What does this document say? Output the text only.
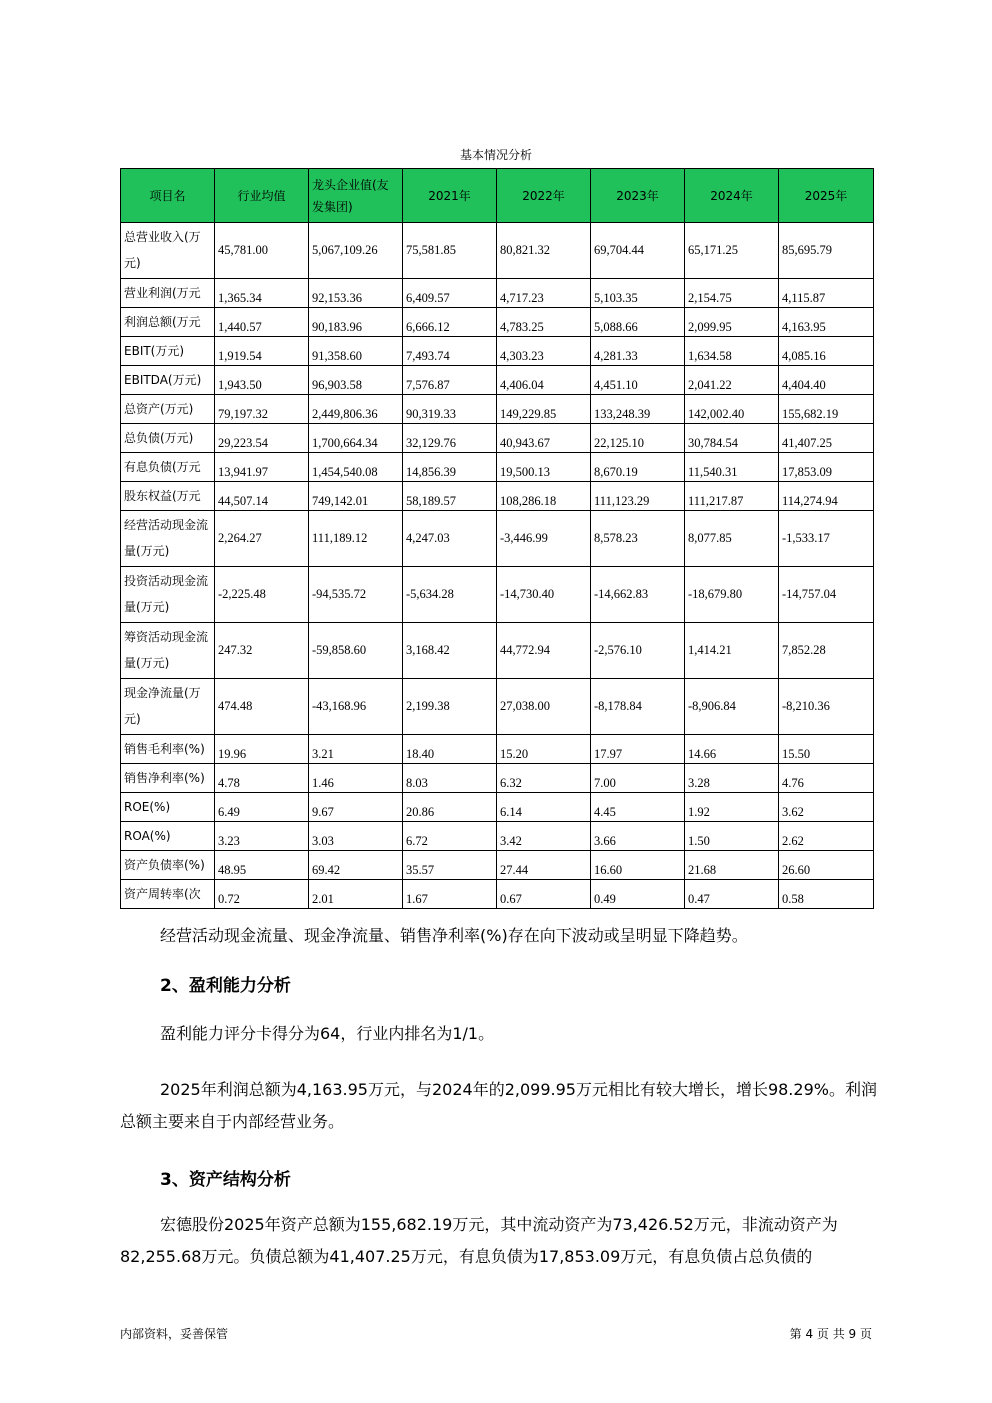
基本情况分析
项目名	行业均值	龙头企业值(友发集团)	2021年	2022年	2023年	2024年	2025年
总营业收入(万元)	45,781.00	5,067,109.26	75,581.85	80,821.32	69,704.44	65,171.25	85,695.79
营业利润(万元	1,365.34	92,153.36	6,409.57	4,717.23	5,103.35	2,154.75	4,115.87
利润总额(万元	1,440.57	90,183.96	6,666.12	4,783.25	5,088.66	2,099.95	4,163.95
EBIT(万元)	1,919.54	91,358.60	7,493.74	4,303.23	4,281.33	1,634.58	4,085.16
EBITDA(万元)	1,943.50	96,903.58	7,576.87	4,406.04	4,451.10	2,041.22	4,404.40
总资产(万元)	79,197.32	2,449,806.36	90,319.33	149,229.85	133,248.39	142,002.40	155,682.19
总负债(万元)	29,223.54	1,700,664.34	32,129.76	40,943.67	22,125.10	30,784.54	41,407.25
有息负债(万元	13,941.97	1,454,540.08	14,856.39	19,500.13	8,670.19	11,540.31	17,853.09
股东权益(万元	44,507.14	749,142.01	58,189.57	108,286.18	111,123.29	111,217.87	114,274.94
经营活动现金流量(万元)	2,264.27	111,189.12	4,247.03	-3,446.99	8,578.23	8,077.85	-1,533.17
投资活动现金流量(万元)	-2,225.48	-94,535.72	-5,634.28	-14,730.40	-14,662.83	-18,679.80	-14,757.04
筹资活动现金流量(万元)	247.32	-59,858.60	3,168.42	44,772.94	-2,576.10	1,414.21	7,852.28
现金净流量(万元)	474.48	-43,168.96	2,199.38	27,038.00	-8,178.84	-8,906.84	-8,210.36
销售毛利率(%)	19.96	3.21	18.40	15.20	17.97	14.66	15.50
销售净利率(%)	4.78	1.46	8.03	6.32	7.00	3.28	4.76
ROE(%)	6.49	9.67	20.86	6.14	4.45	1.92	3.62
ROA(%)	3.23	3.03	6.72	3.42	3.66	1.50	2.62
资产负债率(%)	48.95	69.42	35.57	27.44	16.60	21.68	26.60
资产周转率(次	0.72	2.01	1.67	0.67	0.49	0.47	0.58
经营活动现金流量、现金净流量、销售净利率(%)存在向下波动或呈明显下降趋势。
2、盈利能力分析
盈利能力评分卡得分为64，行业内排名为1/1。
2025年利润总额为4,163.95万元，与2024年的2,099.95万元相比有较大增长，增长98.29%。利润总额主要来自于内部经营业务。
3、资产结构分析
宏德股份2025年资产总额为155,682.19万元，其中流动资产为73,426.52万元，非流动资产为82,255.68万元。负债总额为41,407.25万元，有息负债为17,853.09万元，有息负债占总负债的
内部资料，妥善保管	第 4 页 共 9 页
